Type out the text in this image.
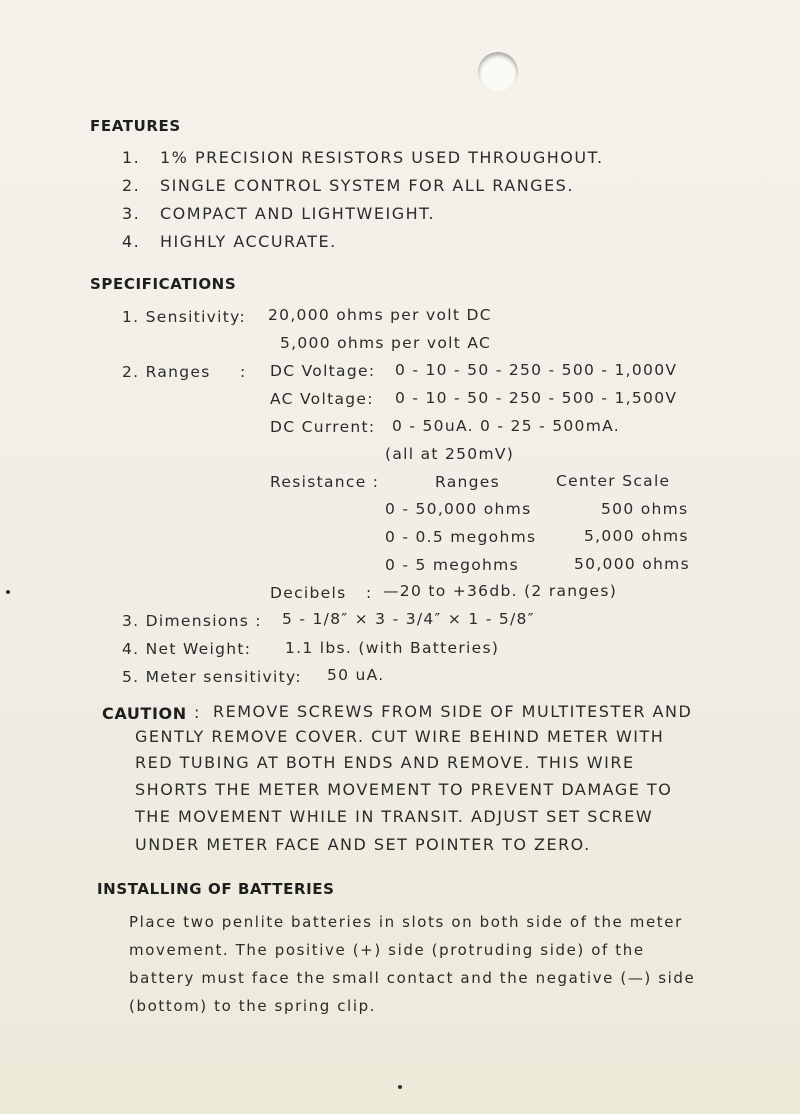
FEATURES
1. 1% PRECISION RESISTORS USED THROUGHOUT.
2. SINGLE CONTROL SYSTEM FOR ALL RANGES.
3. COMPACT AND LIGHTWEIGHT.
4. HIGHLY ACCURATE.
SPECIFICATIONS
1. Sensitivity: 20,000 ohms per volt DC
5,000 ohms per volt AC
2. Ranges : DC Voltage: 0 - 10 - 50 - 250 - 500 - 1,000V
AC Voltage: 0 - 10 - 50 - 250 - 500 - 1,500V
DC Current: 0 - 50uA. 0 - 25 - 500mA.
(all at 250mV)
Resistance :	Ranges	Center Scale
0 - 50,000 ohms	500 ohms
0 - 0.5 megohms	5,000 ohms
0 - 5 megohms	50,000 ohms
Decibels : —20 to +36db. (2 ranges)
3. Dimensions : 5 - 1/8″ × 3 - 3/4″ × 1 - 5/8″
4. Net Weight: 1.1 lbs. (with Batteries)
5. Meter sensitivity: 50 uA.
CAUTION : REMOVE SCREWS FROM SIDE OF MULTITESTER AND
GENTLY REMOVE COVER. CUT WIRE BEHIND METER WITH
RED TUBING AT BOTH ENDS AND REMOVE. THIS WIRE
SHORTS THE METER MOVEMENT TO PREVENT DAMAGE TO
THE MOVEMENT WHILE IN TRANSIT. ADJUST SET SCREW
UNDER METER FACE AND SET POINTER TO ZERO.
INSTALLING OF BATTERIES
Place two penlite batteries in slots on both side of the meter
movement. The positive (+) side (protruding side) of the
battery must face the small contact and the negative (—) side
(bottom) to the spring clip.
